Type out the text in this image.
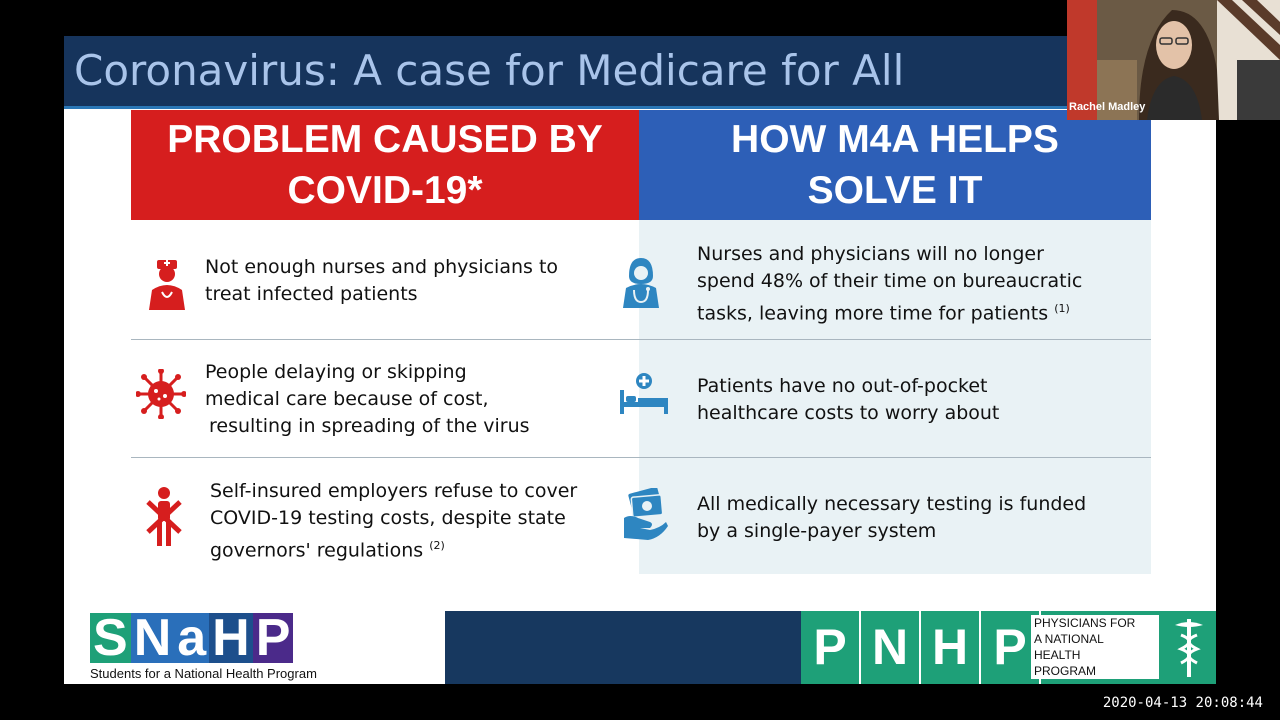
Coronavirus: A case for Medicare for All
PROBLEM CAUSED BY COVID-19*
HOW M4A HELPS SOLVE IT
Not enough nurses and physicians to
treat infected patients
Nurses and physicians will no longer
spend 48% of their time on bureaucratic
tasks, leaving more time for patients $^{(1)}$
People delaying or skipping
medical care because of cost,
resulting in spreading of the virus
Patients have no out-of-pocket
healthcare costs to worry about
Self-insured employers refuse to cover
COVID-19 testing costs, despite state
governors' regulations $^{(2)}$
All medically necessary testing is funded
by a single-payer system
S N a H P
Students for a National Health Program	P N H P PHYSICIANS FOR
A NATIONAL
HEALTH
PROGRAM
Rachel Madley
2020-04-13 20:08:44
